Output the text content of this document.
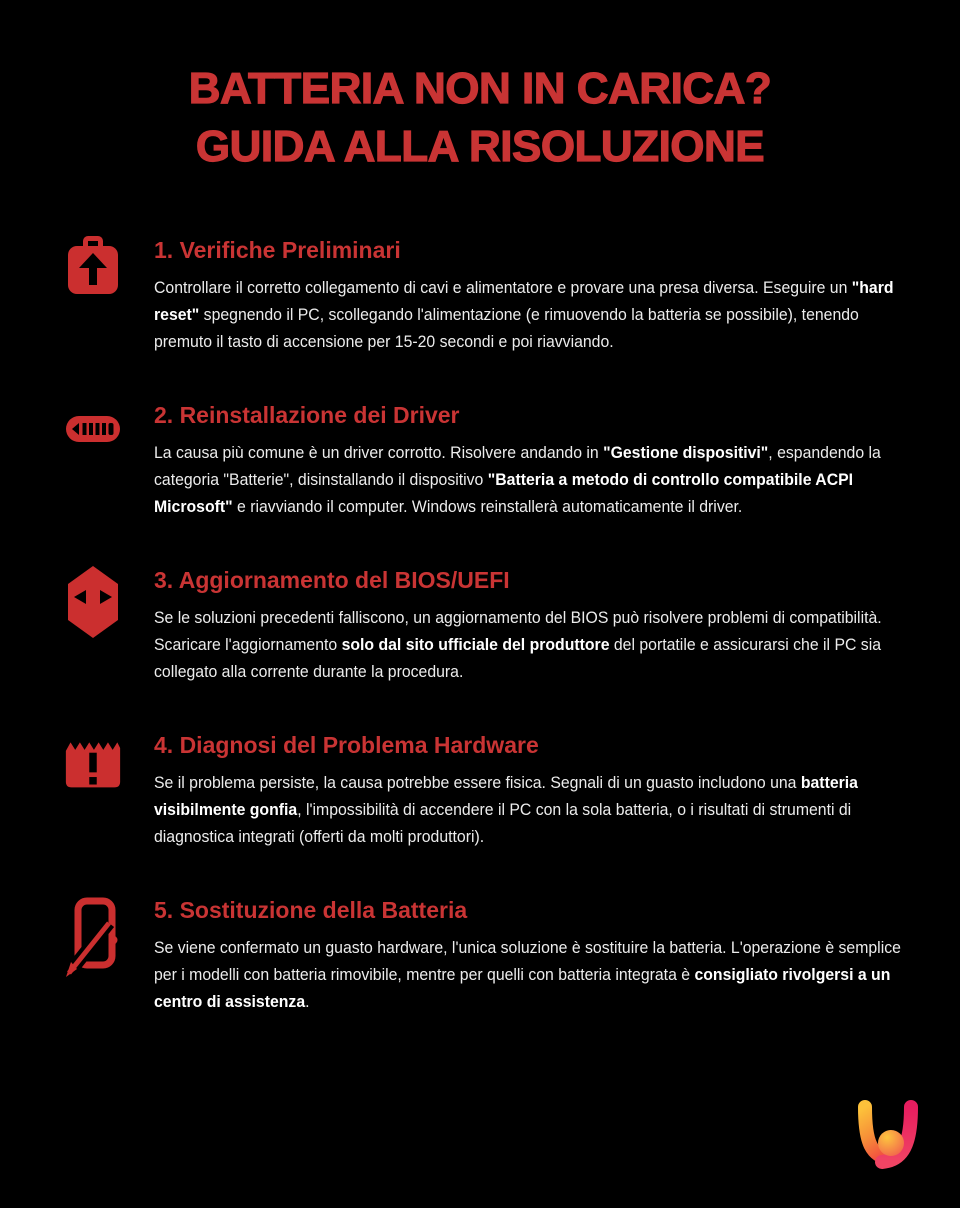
BATTERIA NON IN CARICA?
GUIDA ALLA RISOLUZIONE
1. Verifiche Preliminari

Controllare il corretto collegamento di cavi e alimentatore e provare una presa diversa. Eseguire un "hard reset" spegnendo il PC, scollegando l'alimentazione (e rimuovendo la batteria se possibile), tenendo premuto il tasto di accensione per 15-20 secondi e poi riavviando.

2. Reinstallazione dei Driver

La causa più comune è un driver corrotto. Risolvere andando in "Gestione dispositivi", espandendo la categoria "Batterie", disinstallando il dispositivo "Batteria a metodo di controllo compatibile ACPI Microsoft" e riavviando il computer. Windows reinstallerà automaticamente il driver.

3. Aggiornamento del BIOS/UEFI

Se le soluzioni precedenti falliscono, un aggiornamento del BIOS può risolvere problemi di compatibilità. Scaricare l'aggiornamento solo dal sito ufficiale del produttore del portatile e assicurarsi che il PC sia collegato alla corrente durante la procedura.

4. Diagnosi del Problema Hardware

Se il problema persiste, la causa potrebbe essere fisica. Segnali di un guasto includono una batteria visibilmente gonfia, l'impossibilità di accendere il PC con la sola batteria, o i risultati di strumenti di diagnostica integrati (offerti da molti produttori).

5. Sostituzione della Batteria

Se viene confermato un guasto hardware, l'unica soluzione è sostituire la batteria. L'operazione è semplice per i modelli con batteria rimovibile, mentre per quelli con batteria integrata è consigliato rivolgersi a un centro di assistenza.
